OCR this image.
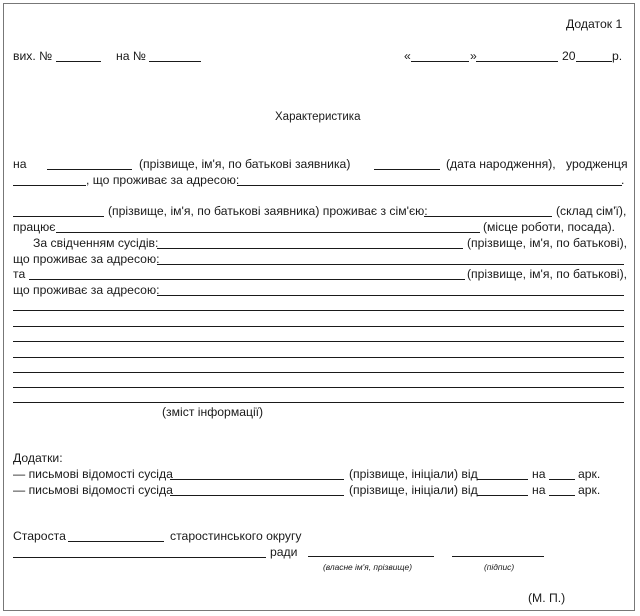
Додаток 1
вих. №	на №	«	»	20	р.
Характеристика
на	(прізвище, ім'я, по батькові заявника)	(дата народження), уродженця
, що проживає за адресою:	.
(прізвище, ім'я, по батькові заявника) проживає з сім'єю:	(склад сім'ї),
працює	(місце роботи, посада).
За свідченням сусідів:	(прізвище, ім'я, по батькові),
що проживає за адресою:
та	(прізвище, ім'я, по батькові),
що проживає за адресою:
(зміст інформації)
Додатки:
— письмові відомості сусіда	(прізвище, ініціали) від	на	арк.
— письмові відомості сусіда	(прізвище, ініціали) від	на	арк.
Староста	старостинського округу
ради
(власне ім'я, прізвище)	(підпис)
(М. П.)
